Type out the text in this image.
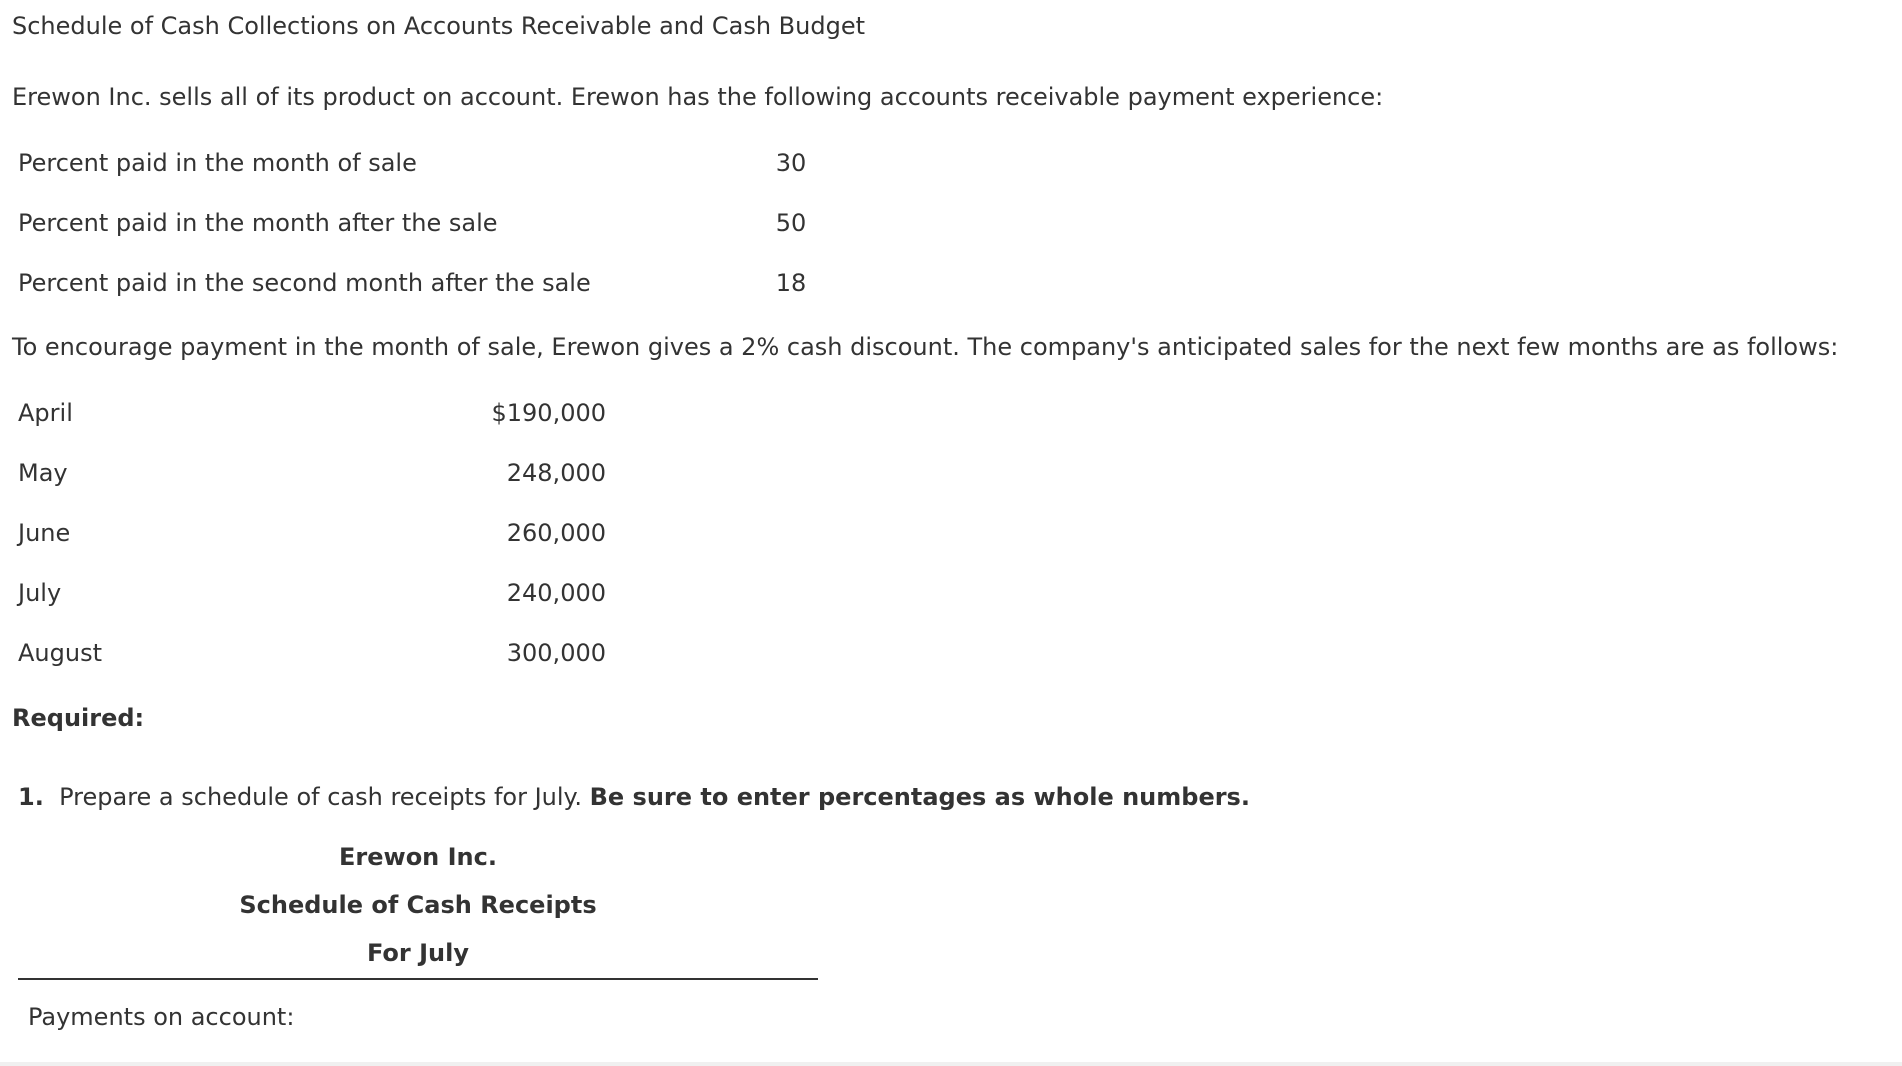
Schedule of Cash Collections on Accounts Receivable and Cash Budget
Erewon Inc. sells all of its product on account. Erewon has the following accounts receivable payment experience:
Percent paid in the month of sale	30
Percent paid in the month after the sale	50
Percent paid in the second month after the sale	18
To encourage payment in the month of sale, Erewon gives a 2% cash discount. The company's anticipated sales for the next few months are as follows:
April	$190,000
May	248,000
June	260,000
July	240,000
August	300,000
Required:
1. Prepare a schedule of cash receipts for July. Be sure to enter percentages as whole numbers.
Erewon Inc.
Schedule of Cash Receipts
For July
Payments on account:
